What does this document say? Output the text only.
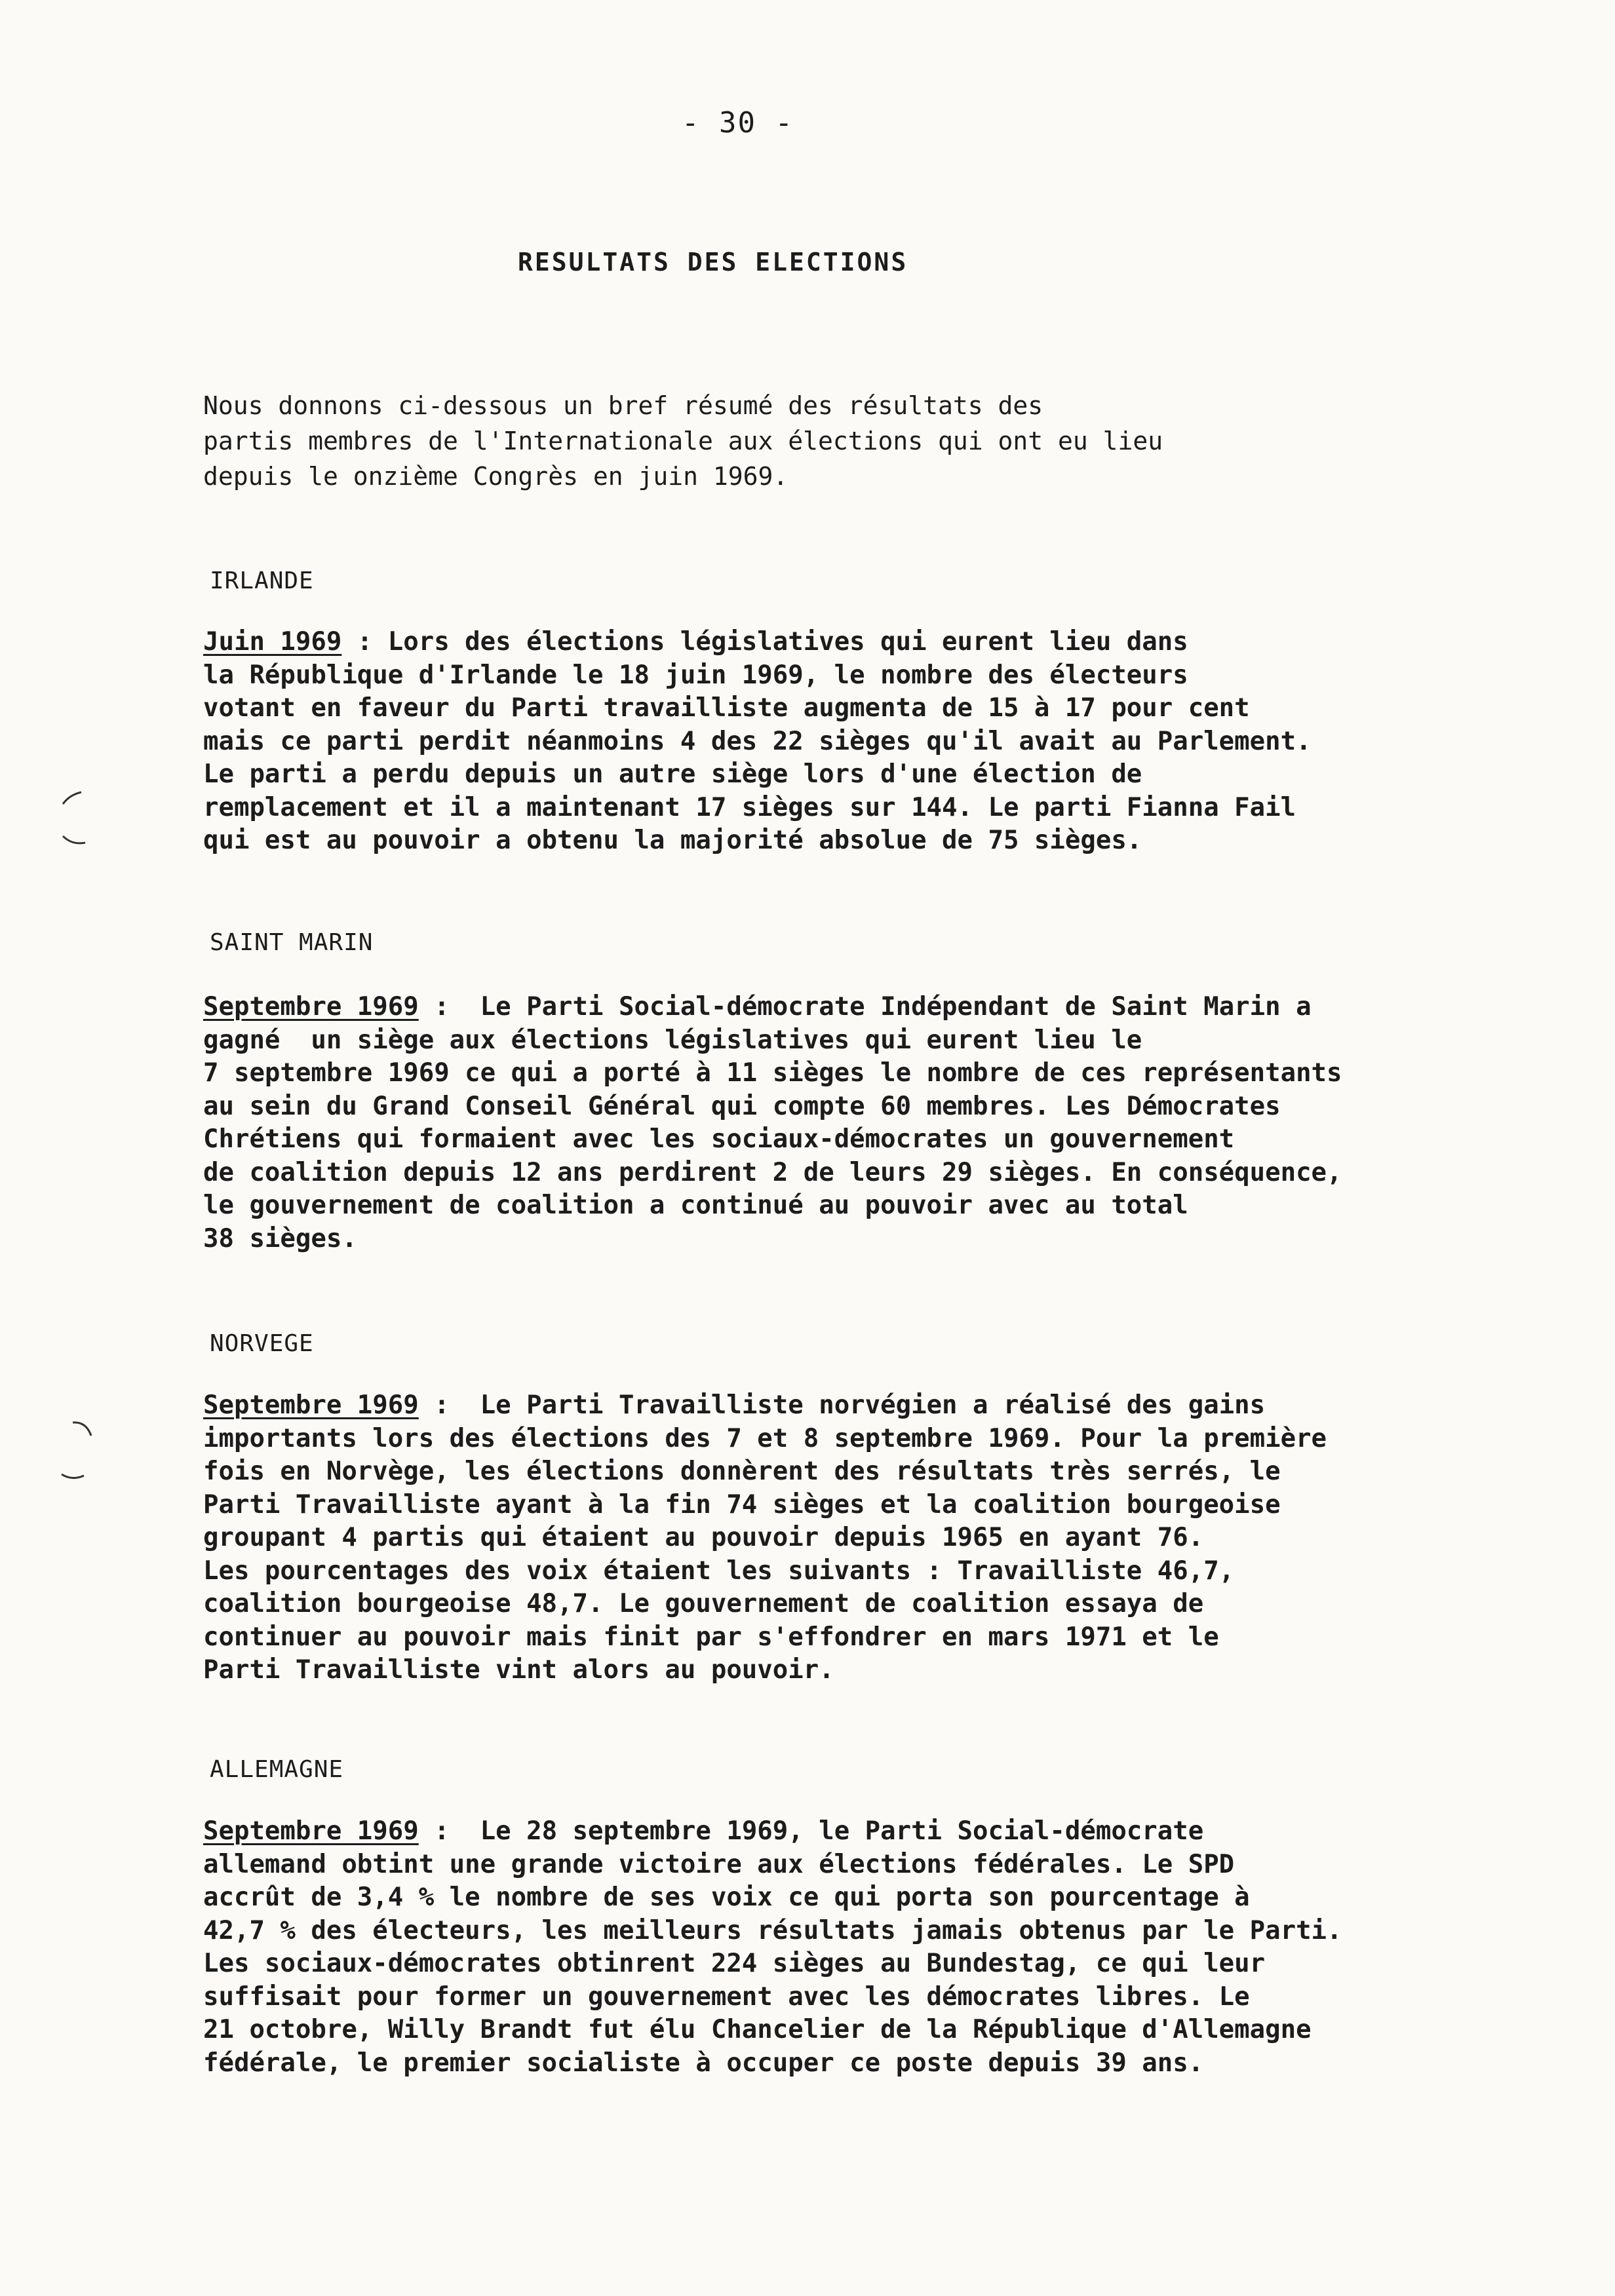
- 30 -
RESULTATS DES ELECTIONS
Nous donnons ci-dessous un bref résumé des résultats des
partis membres de l'Internationale aux élections qui ont eu lieu
depuis le onzième Congrès en juin 1969.
IRLANDE
Juin 1969 : Lors des élections législatives qui eurent lieu dans
la République d'Irlande le 18 juin 1969, le nombre des électeurs
votant en faveur du Parti travailliste augmenta de 15 à 17 pour cent
mais ce parti perdit néanmoins 4 des 22 sièges qu'il avait au Parlement.
Le parti a perdu depuis un autre siège lors d'une élection de
remplacement et il a maintenant 17 sièges sur 144. Le parti Fianna Fail
qui est au pouvoir a obtenu la majorité absolue de 75 sièges.
SAINT MARIN
Septembre 1969 :  Le Parti Social-démocrate Indépendant de Saint Marin a
gagné  un siège aux élections législatives qui eurent lieu le
7 septembre 1969 ce qui a porté à 11 sièges le nombre de ces représentants
au sein du Grand Conseil Général qui compte 60 membres. Les Démocrates
Chrétiens qui formaient avec les sociaux-démocrates un gouvernement
de coalition depuis 12 ans perdirent 2 de leurs 29 sièges. En conséquence,
le gouvernement de coalition a continué au pouvoir avec au total
38 sièges.
NORVEGE
Septembre 1969 :  Le Parti Travailliste norvégien a réalisé des gains
importants lors des élections des 7 et 8 septembre 1969. Pour la première
fois en Norvège, les élections donnèrent des résultats très serrés, le
Parti Travailliste ayant à la fin 74 sièges et la coalition bourgeoise
groupant 4 partis qui étaient au pouvoir depuis 1965 en ayant 76.
Les pourcentages des voix étaient les suivants : Travailliste 46,7,
coalition bourgeoise 48,7. Le gouvernement de coalition essaya de
continuer au pouvoir mais finit par s'effondrer en mars 1971 et le
Parti Travailliste vint alors au pouvoir.
ALLEMAGNE
Septembre 1969 :  Le 28 septembre 1969, le Parti Social-démocrate
allemand obtint une grande victoire aux élections fédérales. Le SPD
accrût de 3,4 % le nombre de ses voix ce qui porta son pourcentage à
42,7 % des électeurs, les meilleurs résultats jamais obtenus par le Parti.
Les sociaux-démocrates obtinrent 224 sièges au Bundestag, ce qui leur
suffisait pour former un gouvernement avec les démocrates libres. Le
21 octobre, Willy Brandt fut élu Chancelier de la République d'Allemagne
fédérale, le premier socialiste à occuper ce poste depuis 39 ans.
